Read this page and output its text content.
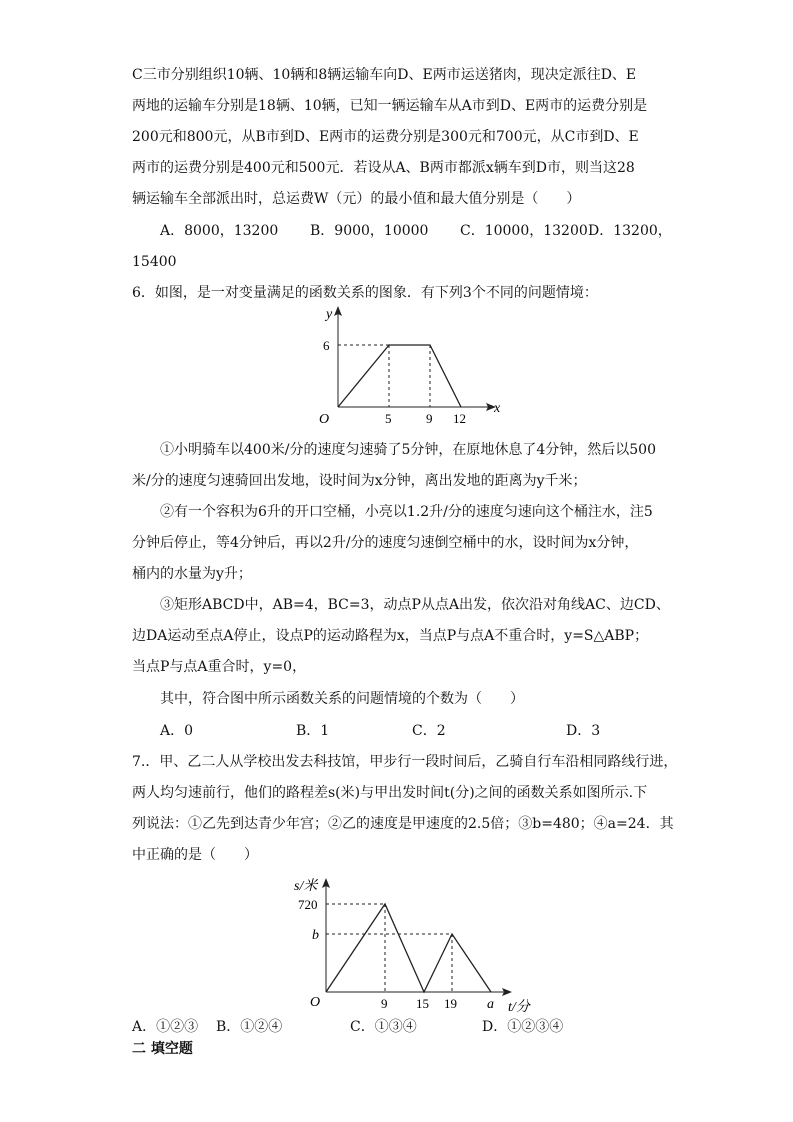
C三市分别组织10辆、10辆和8辆运输车向D、E两市运送猪肉，现决定派往D、E
两地的运输车分别是18辆、10辆，已知一辆运输车从A市到D、E两市的运费分别是
200元和800元，从B市到D、E两市的运费分别是300元和700元，从C市到D、E
两市的运费分别是400元和500元．若设从A、B两市都派x辆车到D市，则当这28
辆运输车全部派出时，总运费W（元）的最小值和最大值分别是（　　）
A．8000，13200 B．9000，10000 C．10000，13200 D．13200，
15400
6．如图，是一对变量满足的函数关系的图象．有下列3个不同的问题情境：
y
x
O
6
5	9 12
①小明骑车以400米/分的速度匀速骑了5分钟，在原地休息了4分钟，然后以500
米/分的速度匀速骑回出发地，设时间为x分钟，离出发地的距离为y千米；
②有一个容积为6升的开口空桶，小亮以1.2升/分的速度匀速向这个桶注水，注5
分钟后停止，等4分钟后，再以2升/分的速度匀速倒空桶中的水，设时间为x分钟，
桶内的水量为y升；
③矩形ABCD中，AB=4，BC=3，动点P从点A出发，依次沿对角线AC、边CD、
边DA运动至点A停止，设点P的运动路程为x，当点P与点A不重合时，y=S△ABP；
当点P与点A重合时，y=0，
其中，符合图中所示函数关系的问题情境的个数为（　　）
A．0	B．1	C．2	D．3
7.．甲、乙二人从学校出发去科技馆，甲步行一段时间后，乙骑自行车沿相同路线行进，
两人均匀速前行，他们的路程差s(米)与甲出发时间t(分)之间的函数关系如图所示.下
列说法：①乙先到达青少年宫；②乙的速度是甲速度的2.5倍；③b=480；④a=24．其
中正确的是（　　）
s/米
t/分
O
720
b
9 15 19 a
A．①②③ B．①②④	C．①③④	D．①②③④
二 填空题
